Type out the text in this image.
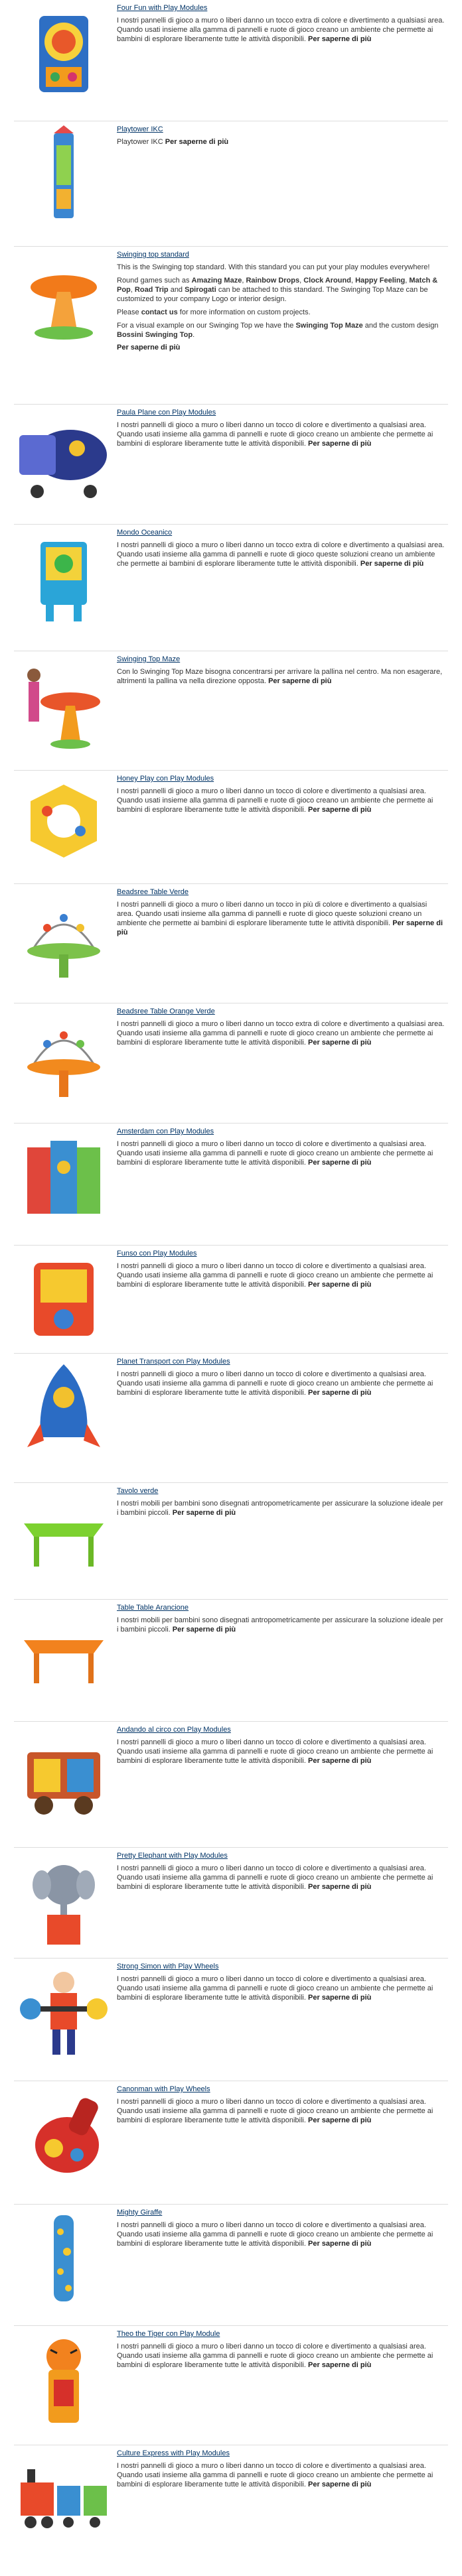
Four Fun with Play Modules
I nostri pannelli di gioco a muro o liberi danno un tocco extra di colore e divertimento a qualsiasi area. Quando usati insieme alla gamma di pannelli e ruote di gioco creano un ambiente che permette ai bambini di esplorare liberamente tutte le attività disponibili. Per saperne di più
Playtower IKC
Playtower IKC Per saperne di più
Swinging top standard
This is the Swinging top standard. With this standard you can put your play modules everywhere!
Round games such as Amazing Maze, Rainbow Drops, Clock Around, Happy Feeling, Match & Pop, Road Trip and Spirogati can be attached to this standard. The Swinging Top Maze can be customized to your company Logo or interior design.
Please contact us for more information on custom projects.
For a visual example on our Swinging Top we have the Swinging Top Maze and the custom design Bossini Swinging Top.
Per saperne di più
Paula Plane con Play Modules
I nostri pannelli di gioco a muro o liberi danno un tocco di colore e divertimento a qualsiasi area. Quando usati insieme alla gamma di pannelli e ruote di gioco creano un ambiente che permette ai bambini di esplorare liberamente tutte le attività disponibili. Per saperne di più
Mondo Oceanico
I nostri pannelli di gioco a muro o liberi danno un tocco extra di colore e divertimento a qualsiasi area. Quando usati insieme alla gamma di pannelli e ruote di gioco queste soluzioni creano un ambiente che permette ai bambini di esplorare liberamente tutte le attività disponibili. Per saperne di più
Swinging Top Maze
Con lo Swinging Top Maze bisogna concentrarsi per arrivare la pallina nel centro. Ma non esagerare, altrimenti la pallina va nella direzione opposta. Per saperne di più
Honey Play con Play Modules
I nostri pannelli di gioco a muro o liberi danno un tocco di colore e divertimento a qualsiasi area. Quando usati insieme alla gamma di pannelli e ruote di gioco creano un ambiente che permette ai bambini di esplorare liberamente tutte le attività disponibili. Per saperne di più
Beadsree Table Verde
I nostri pannelli di gioco a muro o liberi danno un tocco in più di colore e divertimento a qualsiasi area. Quando usati insieme alla gamma di pannelli e ruote di gioco queste soluzioni creano un ambiente che permette ai bambini di esplorare liberamente tutte le attività disponibili. Per saperne di più
Beadsree Table Orange Verde
I nostri pannelli di gioco a muro o liberi danno un tocco extra di colore e divertimento a qualsiasi area. Quando usati insieme alla gamma di pannelli e ruote di gioco creano un ambiente che permette ai bambini di esplorare liberamente tutte le attività disponibili. Per saperne di più
Amsterdam con Play Modules
I nostri pannelli di gioco a muro o liberi danno un tocco di colore e divertimento a qualsiasi area. Quando usati insieme alla gamma di pannelli e ruote di gioco creano un ambiente che permette ai bambini di esplorare liberamente tutte le attività disponibili. Per saperne di più
Funso con Play Modules
I nostri pannelli di gioco a muro o liberi danno un tocco di colore e divertimento a qualsiasi area. Quando usati insieme alla gamma di pannelli e ruote di gioco creano un ambiente che permette ai bambini di esplorare liberamente tutte le attività disponibili. Per saperne di più
Planet Transport con Play Modules
I nostri pannelli di gioco a muro o liberi danno un tocco di colore e divertimento a qualsiasi area. Quando usati insieme alla gamma di pannelli e ruote di gioco creano un ambiente che permette ai bambini di esplorare liberamente tutte le attività disponibili. Per saperne di più
Tavolo verde
I nostri mobili per bambini sono disegnati antropometricamente per assicurare la soluzione ideale per i bambini piccoli. Per saperne di più
Table Tablе Arancione
I nostri mobili per bambini sono disegnati antropometricamente per assicurare la soluzione ideale per i bambini piccoli. Per saperne di più
Andando al circo con Play Modules
I nostri pannelli di gioco a muro o liberi danno un tocco di colore e divertimento a qualsiasi area. Quando usati insieme alla gamma di pannelli e ruote di gioco creano un ambiente che permette ai bambini di esplorare liberamente tutte le attività disponibili. Per saperne di più
Pretty Elephant with Play Modules
I nostri pannelli di gioco a muro o liberi danno un tocco di colore e divertimento a qualsiasi area. Quando usati insieme alla gamma di pannelli e ruote di gioco creano un ambiente che permette ai bambini di esplorare liberamente tutte le attività disponibili. Per saperne di più
Strong Simon with Play Wheels
I nostri pannelli di gioco a muro o liberi danno un tocco di colore e divertimento a qualsiasi area. Quando usati insieme alla gamma di pannelli e ruote di gioco creano un ambiente che permette ai bambini di esplorare liberamente tutte le attività disponibili. Per saperne di più
Canonman with Play Wheels
I nostri pannelli di gioco a muro o liberi danno un tocco di colore e divertimento a qualsiasi area. Quando usati insieme alla gamma di pannelli e ruote di gioco creano un ambiente che permette ai bambini di esplorare liberamente tutte le attività disponibili. Per saperne di più
Mighty Giraffe
I nostri pannelli di gioco a muro o liberi danno un tocco di colore e divertimento a qualsiasi area. Quando usati insieme alla gamma di pannelli e ruote di gioco creano un ambiente che permette ai bambini di esplorare liberamente tutte le attività disponibili. Per saperne di più
Theo the Tiger con Play Module
I nostri pannelli di gioco a muro o liberi danno un tocco di colore e divertimento a qualsiasi area. Quando usati insieme alla gamma di pannelli e ruote di gioco creano un ambiente che permette ai bambini di esplorare liberamente tutte le attività disponibili. Per saperne di più
Culture Express with Play Modules
I nostri pannelli di gioco a muro o liberi danno un tocco di colore e divertimento a qualsiasi area. Quando usati insieme alla gamma di pannelli e ruote di gioco creano un ambiente che permette ai bambini di esplorare liberamente tutte le attività disponibili. Per saperne di più
